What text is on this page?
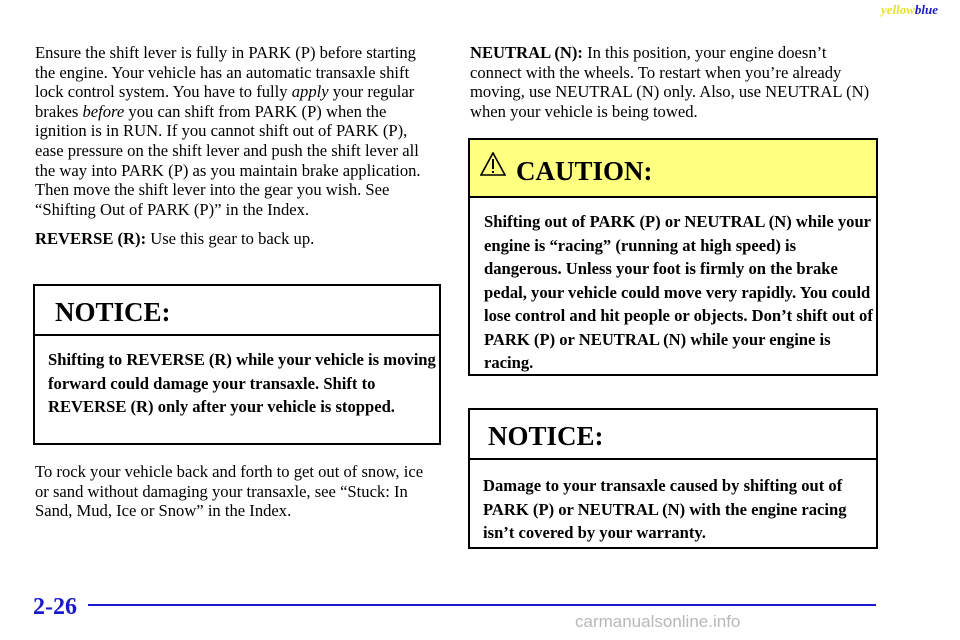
yellowblue

Ensure the shift lever is fully in PARK (P) before starting the engine. Your vehicle has an automatic transaxle shift lock control system. You have to fully apply your regular brakes before you can shift from PARK (P) when the ignition is in RUN. If you cannot shift out of PARK (P), ease pressure on the shift lever and push the shift lever all the way into PARK (P) as you maintain brake application. Then move the shift lever into the gear you wish. See “Shifting Out of PARK (P)” in the Index.

REVERSE (R): Use this gear to back up.

NOTICE:
Shifting to REVERSE (R) while your vehicle is moving forward could damage your transaxle. Shift to REVERSE (R) only after your vehicle is stopped.

To rock your vehicle back and forth to get out of snow, ice or sand without damaging your transaxle, see “Stuck: In Sand, Mud, Ice or Snow” in the Index.

NEUTRAL (N): In this position, your engine doesn’t connect with the wheels. To restart when you’re already moving, use NEUTRAL (N) only. Also, use NEUTRAL (N) when your vehicle is being towed.

CAUTION:
Shifting out of PARK (P) or NEUTRAL (N) while your engine is “racing” (running at high speed) is dangerous. Unless your foot is firmly on the brake pedal, your vehicle could move very rapidly. You could lose control and hit people or objects. Don’t shift out of PARK (P) or NEUTRAL (N) while your engine is racing.
NOTICE:
Damage to your transaxle caused by shifting out of PARK (P) or NEUTRAL (N) with the engine racing isn’t covered by your warranty.
2-26
carmanualsonline.info
